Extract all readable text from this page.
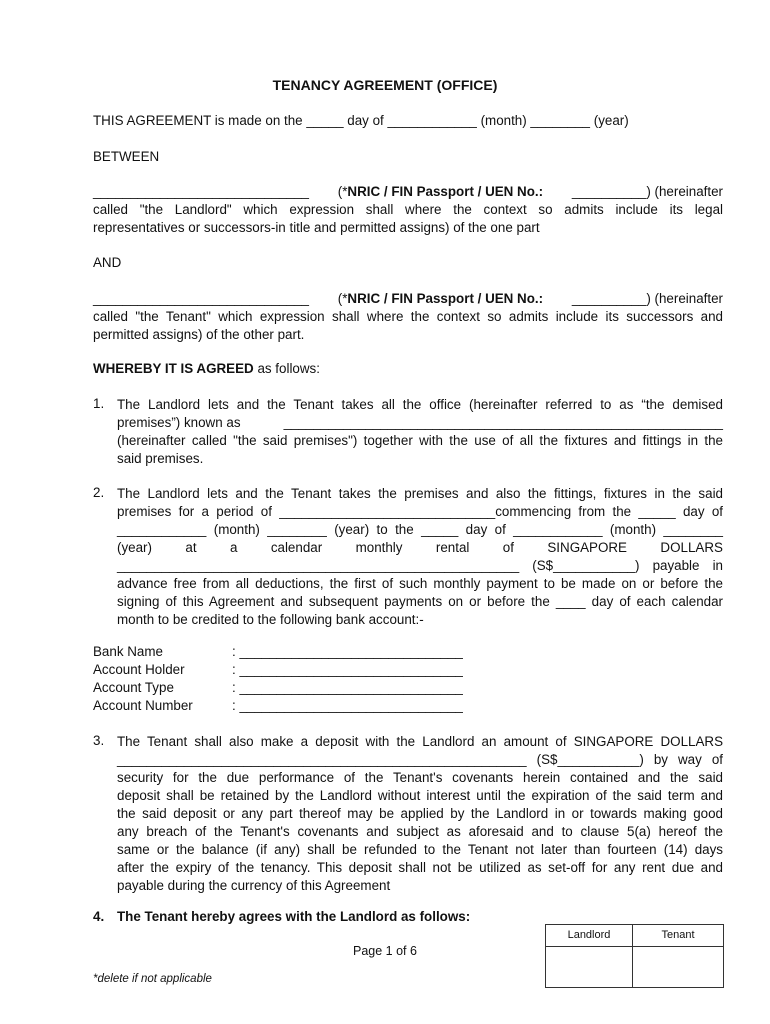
TENANCY AGREEMENT (OFFICE)
THIS AGREEMENT is made on the _____ day of ____________ (month) ________ (year)
BETWEEN
_____________________________ (*NRIC / FIN Passport / UEN No.: __________) (hereinafter
called "the Landlord" which expression shall where the context so admits include its legal
representatives or successors-in title and permitted assigns) of the one part
AND
_____________________________ (*NRIC / FIN Passport / UEN No.: __________) (hereinafter
called "the Tenant" which expression shall where the context so admits include its successors and
permitted assigns) of the other part.
WHEREBY IT IS AGREED as follows:
1. The Landlord lets and the Tenant takes all the office (hereinafter referred to as “the demised
premises”) known as	___________________________________________________________
(hereinafter called "the said premises") together with the use of all the fixtures and fittings in the
said premises.
2. The Landlord lets and the Tenant takes the premises and also the fittings, fixtures in the said
premises for a period of _____________________________commencing from the _____ day of
____________ (month) ________ (year) to the _____ day of ____________ (month) ________
(year) at a calendar monthly rental of SINGAPORE DOLLARS
______________________________________________________ (S$___________) payable in
advance free from all deductions, the first of such monthly payment to be made on or before the
signing of this Agreement and subsequent payments on or before the ____ day of each calendar
month to be credited to the following bank account:-
Bank Name	: ______________________________
Account Holder	: ______________________________
Account Type	: ______________________________
Account Number	: ______________________________
3. The Tenant shall also make a deposit with the Landlord an amount of SINGAPORE DOLLARS
_______________________________________________________ (S$___________) by way of
security for the due performance of the Tenant's covenants herein contained and the said
deposit shall be retained by the Landlord without interest until the expiration of the said term and
the said deposit or any part thereof may be applied by the Landlord in or towards making good
any breach of the Tenant's covenants and subject as aforesaid and to clause 5(a) hereof the
same or the balance (if any) shall be refunded to the Tenant not later than fourteen (14) days
after the expiry of the tenancy. This deposit shall not be utilized as set-off for any rent due and
payable during the currency of this Agreement
4. The Tenant hereby agrees with the Landlord as follows:
Landlord	Tenant
Page 1 of 6
*delete if not applicable
